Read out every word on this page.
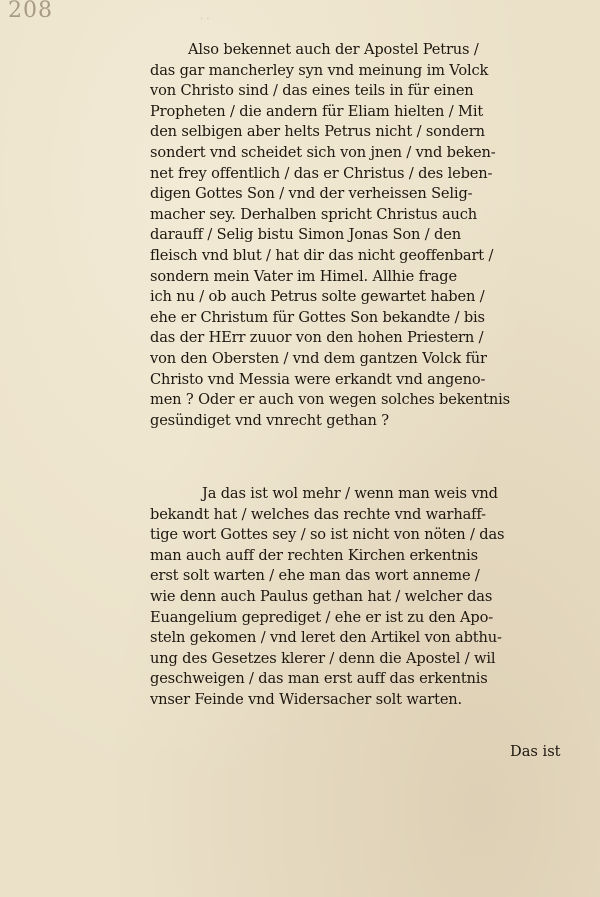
208	· ·
Also bekennet auch der Apostel Petrus /
das gar mancherley syn vnd meinung im Volck
von Christo sind / das eines teils in für einen
Propheten / die andern für Eliam hielten / Mit
den selbigen aber helts Petrus nicht / sondern
sondert vnd scheidet sich von jnen / vnd beken-
net frey offentlich / das er Christus / des leben-
digen Gottes Son / vnd der verheissen Selig-
macher sey. Derhalben spricht Christus auch
darauff / Selig bistu Simon Jonas Son / den
fleisch vnd blut / hat dir das nicht geoffenbart /
sondern mein Vater im Himel. Allhie frage
ich nu / ob auch Petrus solte gewartet haben /
ehe er Christum für Gottes Son bekandte / bis
das der HErr zuuor von den hohen Priestern /
von den Obersten / vnd dem gantzen Volck für
Christo vnd Messia were erkandt vnd angeno-
men ? Oder er auch von wegen solches bekentnis
gesündiget vnd vnrecht gethan ?
Ja das ist wol mehr / wenn man weis vnd
bekandt hat / welches das rechte vnd warhaff-
tige wort Gottes sey / so ist nicht von nöten / das
man auch auff der rechten Kirchen erkentnis
erst solt warten / ehe man das wort anneme /
wie denn auch Paulus gethan hat / welcher das
Euangelium geprediget / ehe er ist zu den Apo-
steln gekomen / vnd leret den Artikel von abthu-
ung des Gesetzes klerer / denn die Apostel / wil
geschweigen / das man erst auff das erkentnis
vnser Feinde vnd Widersacher solt warten.
Das ist
